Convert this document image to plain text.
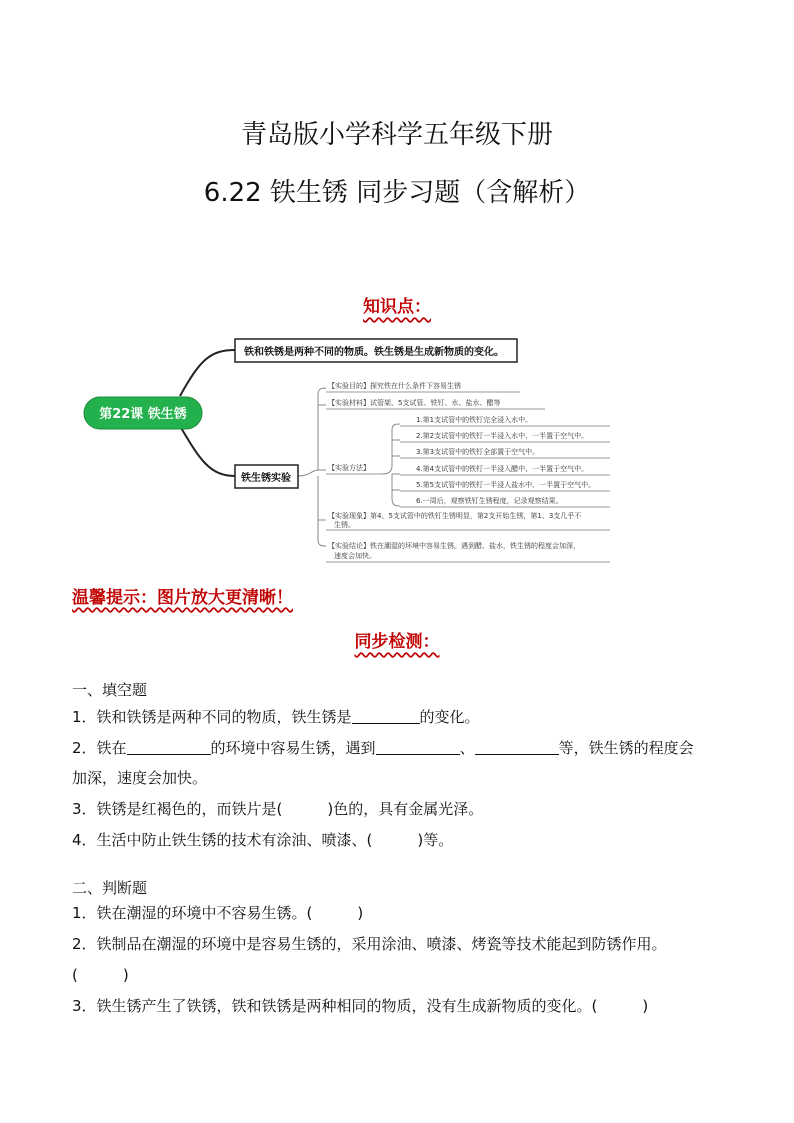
青岛版小学科学五年级下册
6.22 铁生锈 同步习题（含解析）
知识点：
第22课 铁生锈
铁和铁锈是两种不同的物质。铁生锈是生成新物质的变化。
铁生锈实验
【实验目的】探究铁在什么条件下容易生锈
【实验材料】试管架、5支试管、铁钉、水、盐水、醋等
【实验方法】
1.第1支试管中的铁钉完全浸入水中。
2.第2支试管中的铁钉一半浸入水中、一半置于空气中。
3.第3支试管中的铁钉全部置于空气中。
4.第4支试管中的铁钉一半浸入醋中、一半置于空气中。
5.第5支试管中的铁钉一半浸人盐水中、一半置于空气中。
6.一周后，观察铁钉生锈程度，记录观察结果。
【实验现象】第4、5支试管中的铁钉生锈明显，第2支开始生锈，第1、3支几乎不
生锈。
【实验结论】铁在潮湿的环境中容易生锈。遇到醋、盐水，铁生锈的程度会加深，
速度会加快。
温馨提示：图片放大更清晰！
同步检测：
一、填空题
1．铁和铁锈是两种不同的物质，铁生锈是	的变化。
2．铁在	的环境中容易生锈，遇到	、	等，铁生锈的程度会
加深，速度会加快。
3．铁锈是红褐色的，而铁片是(　　　)色的，具有金属光泽。
4．生活中防止铁生锈的技术有涂油、喷漆、(　　　)等。
二、判断题
1．铁在潮湿的环境中不容易生锈。(　　　)
2．铁制品在潮湿的环境中是容易生锈的，采用涂油、喷漆、烤瓷等技术能起到防锈作用。
(　　　)
3．铁生锈产生了铁锈，铁和铁锈是两种相同的物质，没有生成新物质的变化。(　　　)
